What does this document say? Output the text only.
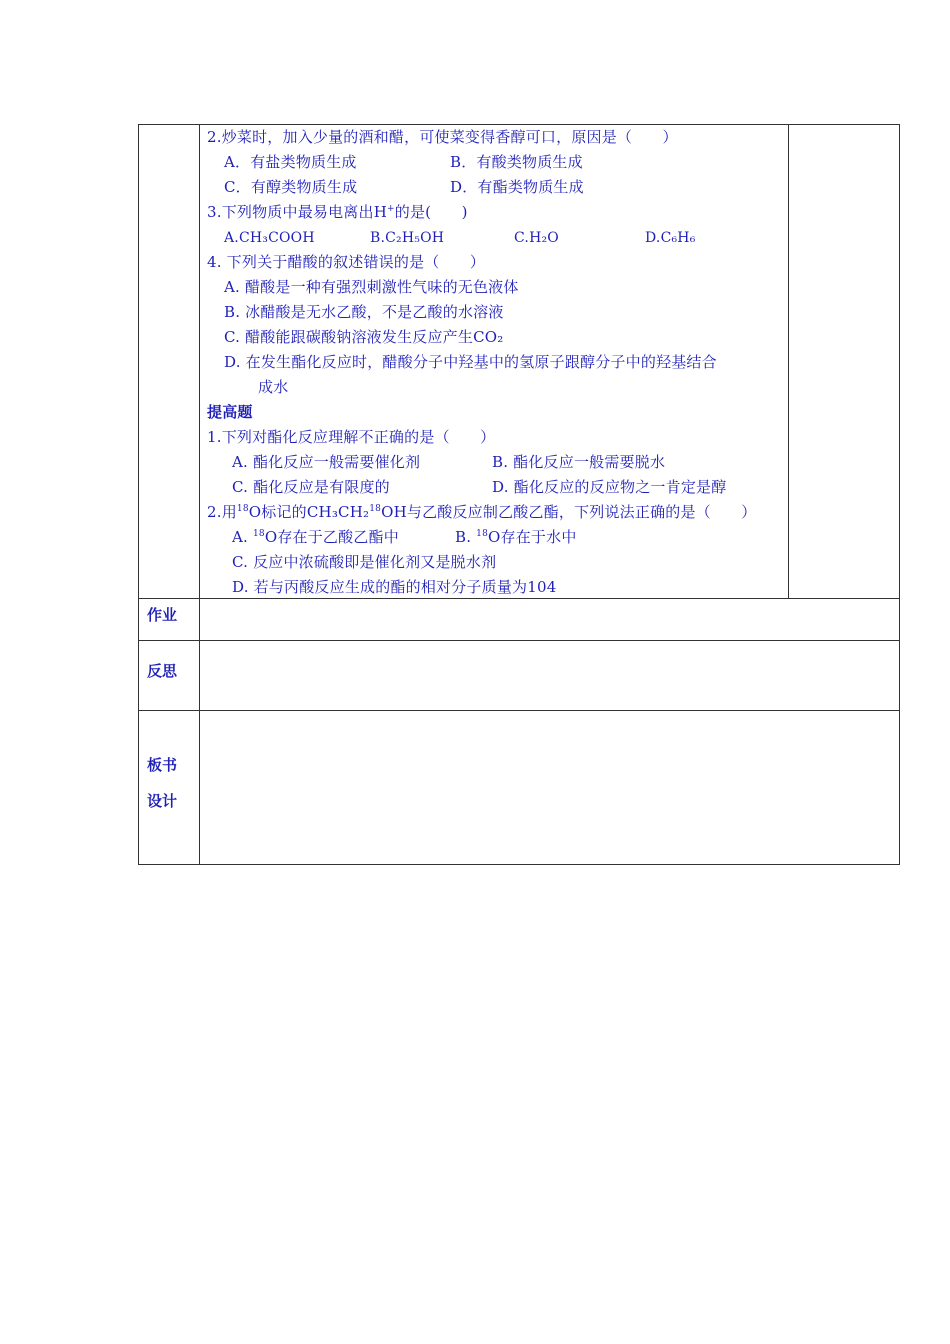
2.炒菜时，加入少量的酒和醋，可使菜变得香醇可口，原因是（　　）
A．有盐类物质生成	B．有酸类物质生成
C．有醇类物质生成	D．有酯类物质生成
3.下列物质中最易电离出H+的是(　　)
A.CH₃COOH	B.C₂H₅OH	C.H₂O	D.C₆H₆
4. 下列关于醋酸的叙述错误的是（　　）
A. 醋酸是一种有强烈刺激性气味的无色液体
B. 冰醋酸是无水乙酸，不是乙酸的水溶液
C. 醋酸能跟碳酸钠溶液发生反应产生CO₂
D. 在发生酯化反应时，醋酸分子中羟基中的氢原子跟醇分子中的羟基结合
成水
提高题
1.下列对酯化反应理解不正确的是（　　）
A. 酯化反应一般需要催化剂	B. 酯化反应一般需要脱水
C. 酯化反应是有限度的	D. 酯化反应的反应物之一肯定是醇
2.用$^{18}$O标记的CH₃CH₂$^{18}$OH与乙酸反应制乙酸乙酯，下列说法正确的是（　　）
A. $^{18}$O存在于乙酸乙酯中	B. $^{18}$O存在于水中
C. 反应中浓硫酸即是催化剂又是脱水剂
D. 若与丙酸反应生成的酯的相对分子质量为104
作业
反思
板书
设计
